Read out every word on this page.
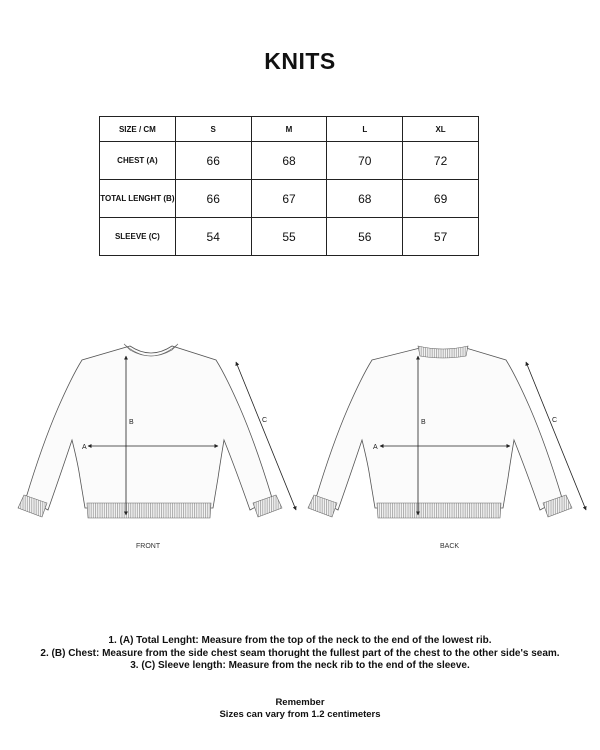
KNITS
SIZE / CM	S	M	L	XL
CHEST (A)	66	68	70	72
TOTAL LENGHT (B)	66	67	68	69
SLEEVE (C)	54	55	56	57
A
B	C
A
B	C
FRONT	BACK
1. (A) Total Lenght: Measure from the top of the neck to the end of the lowest rib.
2. (B) Chest: Measure from the side chest seam thorught the fullest part of the chest to the other side's seam.
3. (C) Sleeve length: Measure from the neck rib to the end of the sleeve.
Remember
Sizes can vary from 1.2 centimeters
